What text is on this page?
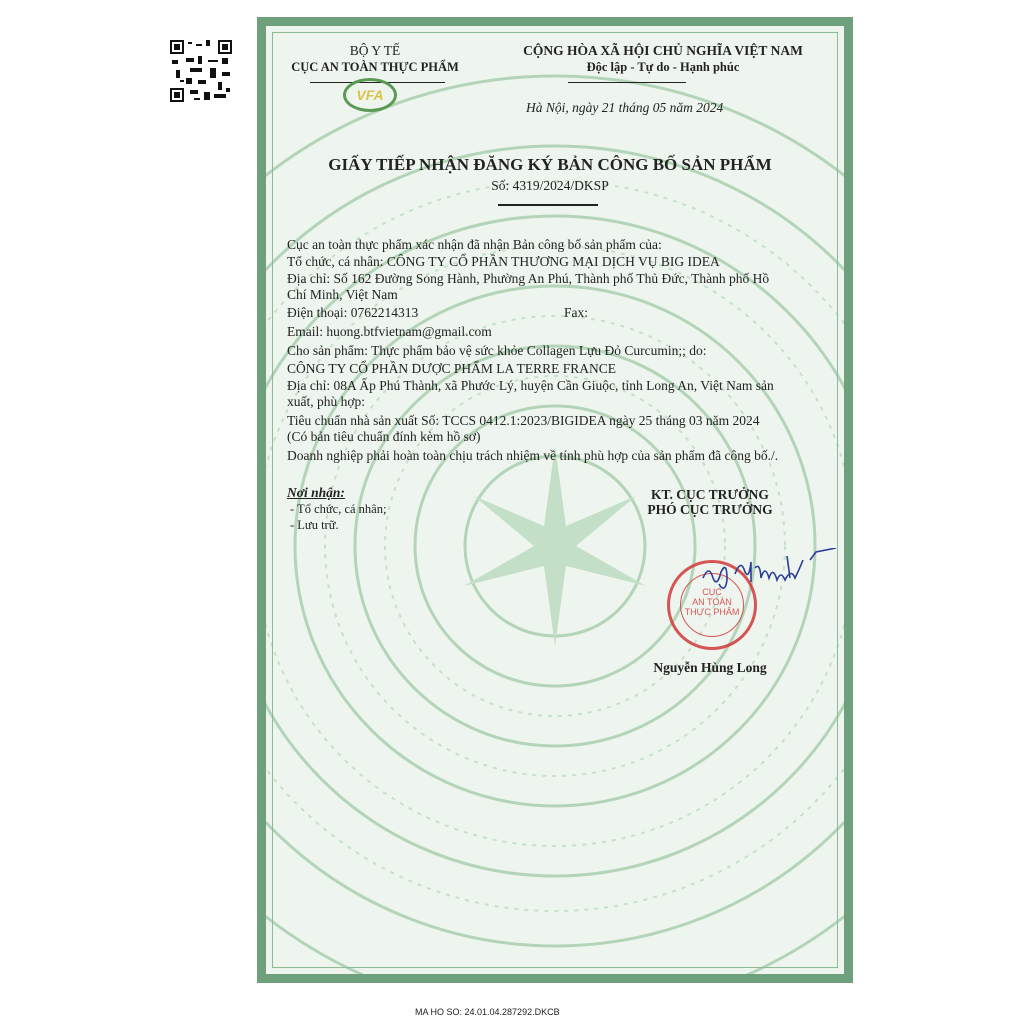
BỘ Y TẾ
CỤC AN TOÀN THỰC PHẨM
VFA
CỘNG HÒA XÃ HỘI CHỦ NGHĨA VIỆT NAM
Độc lập - Tự do - Hạnh phúc
Hà Nội, ngày 21 tháng 05 năm 2024
GIẤY TIẾP NHẬN ĐĂNG KÝ BẢN CÔNG BỐ SẢN PHẨM
Số: 4319/2024/DKSP
Cục an toàn thực phẩm xác nhận đã nhận Bản công bố sản phẩm của:
Tổ chức, cá nhân: CÔNG TY CỔ PHẦN THƯƠNG MẠI DỊCH VỤ BIG IDEA
Địa chỉ: Số 162 Đường Song Hành, Phường An Phú, Thành phố Thủ Đức, Thành phố Hồ
Chí Minh, Việt Nam
Điện thoại: 0762214313	Fax:
Email: huong.btfvietnam@gmail.com
Cho sản phẩm: Thực phẩm bảo vệ sức khỏe Collagen Lựu Đỏ Curcumin;; do:
CÔNG TY CỔ PHẦN DƯỢC PHẨM LA TERRE FRANCE
Địa chỉ: 08A Ấp Phú Thành, xã Phước Lý, huyện Cần Giuộc, tỉnh Long An, Việt Nam sản
xuất, phù hợp:
Tiêu chuẩn nhà sản xuất Số: TCCS 0412.1:2023/BIGIDEA ngày 25 tháng 03 năm 2024
(Có bản tiêu chuẩn đính kèm hồ sơ)
Doanh nghiệp phải hoàn toàn chịu trách nhiệm về tính phù hợp của sản phẩm đã công bố./.
Nơi nhận:
- Tổ chức, cá nhân;
- Lưu trữ.
KT. CỤC TRƯỞNG
PHÓ CỤC TRƯỞNG
CỤC
AN TOÀN
THỰC PHẨM
Nguyễn Hùng Long
MA HO SO: 24.01.04.287292.DKCB
